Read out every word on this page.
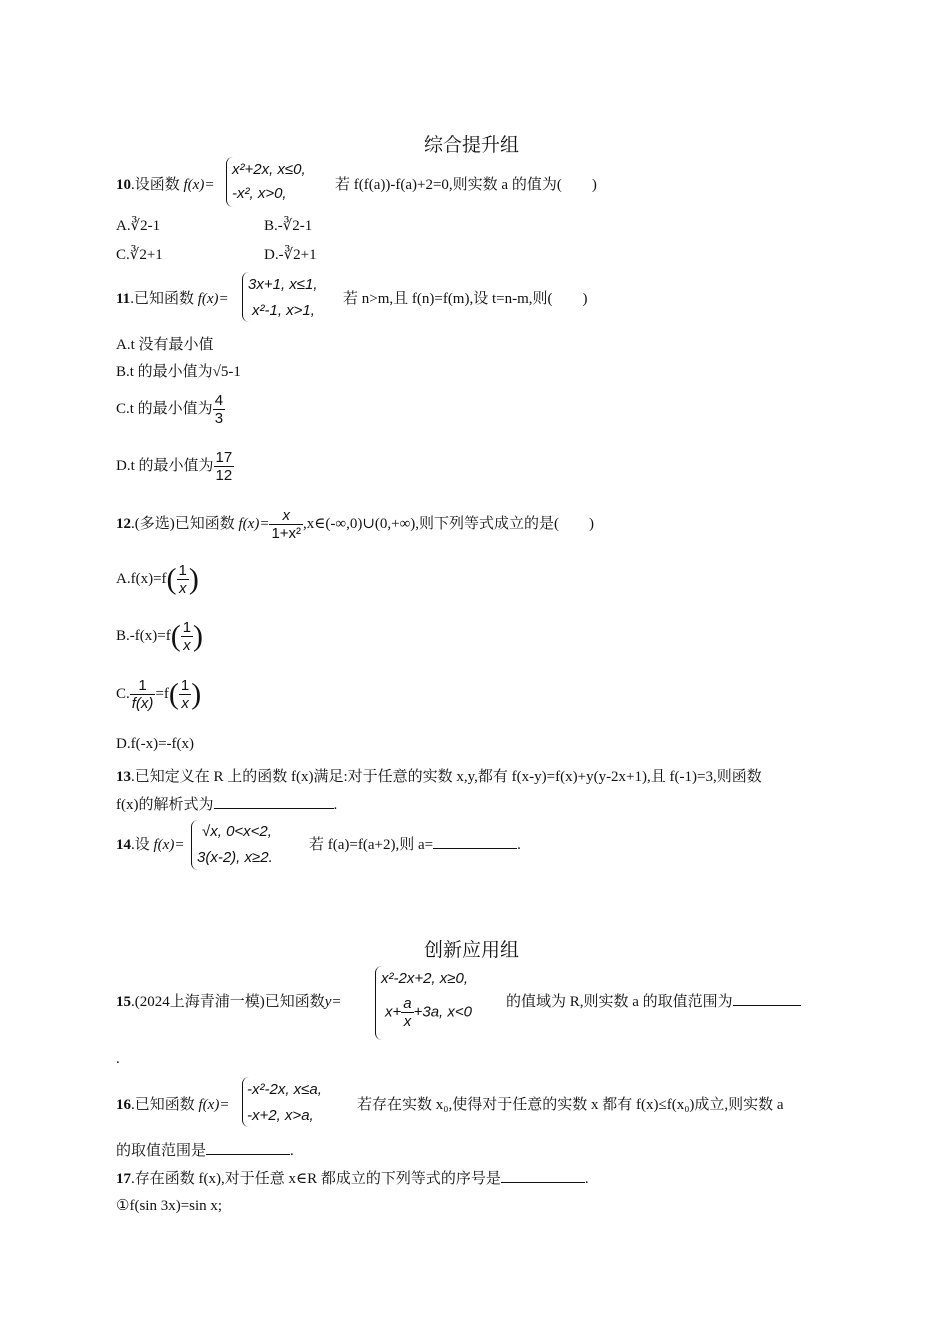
综合提升组
10.设函数 f(x)=
x²+2x, x≤0,
-x², x>0,	若 f(f(a))-f(a)+2=0,则实数 a 的值为(　　)
A.∛2-1	B.-∛2-1
C.∛2+1	D.-∛2+1
11.已知函数 f(x)=
3x+1, x≤1,
x²-1, x>1,
若 n>m,且 f(n)=f(m),设 t=n-m,则(　　)
A.t 没有最小值
B.t 的最小值为√5-1
C.t 的最小值为 $\frac{4}{3}$
D.t 的最小值为 $\frac{17}{12}$
12.(多选)已知函数 $f(x)= \frac{x}{\text{1+x²}}$ ,x∈(-∞,0)∪(0,+∞),则下列等式成立的是(　　)
$A.f(x)=f( \frac{1}{x}$ )
$B.-f(x)=f( \frac{1}{x}$ )
C. $\frac{1}{f(x)} =f( \frac{1}{x}$ )
D.f(-x)=-f(x)
13.已知定义在 R 上的函数 f(x)满足:对于任意的实数 x,y,都有 f(x-y)=f(x)+y(y-2x+1),且 f(-1)=3,则函数
f(x)的解析式为	.
14.设 f(x)=
√x, 0<x<2,
3(x-2), x≥2.
若 f(a)=f(a+2),则 a=	.
创新应用组
15.(2024上海青浦一模)已知函数y=
x²-2x+2, x≥0,
$x+ \frac{a}{x} +3a$, x<0
的值域为 R,则实数 a 的取值范围为
.
16.已知函数 f(x)=
-x²-2x, x≤a,
-x+2, x>a,
若存在实数 x₀,使得对于任意的实数 x 都有 f(x)≤f(x₀)成立,则实数 a
的取值范围是	.
17.存在函数 f(x),对于任意 x∈R 都成立的下列等式的序号是	.
①f(sin 3x)=sin x;
